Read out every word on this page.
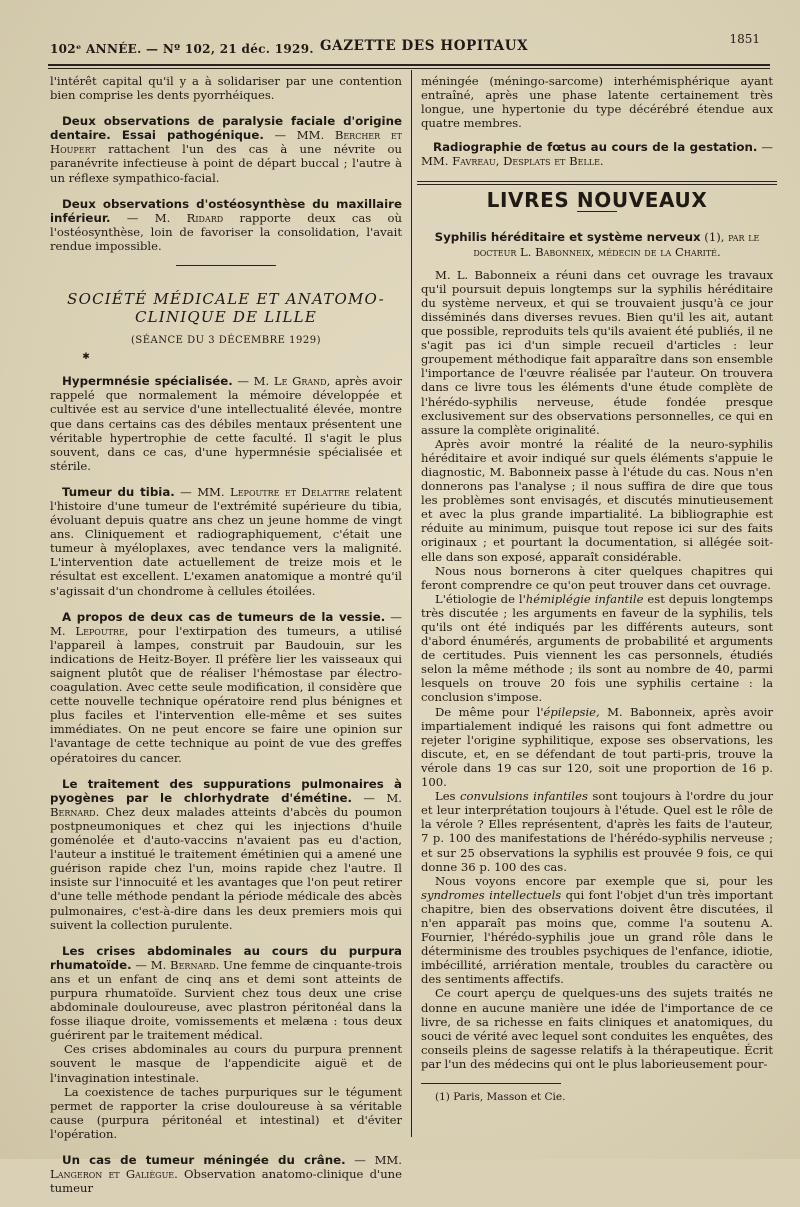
102ᵉ ANNÉE. — Nº 102, 21 déc. 1929. GAZETTE DES HOPITAUX	1851

l'intérêt capital qu'il y a à solidariser par une contention bien comprise les dents pyorrhéiques.

Deux observations de paralysie faciale d'origine dentaire. Essai pathogénique. — MM. Bercher et Houpert rattachent l'un des cas à une névrite ou paranévrite infectieuse à point de départ buccal ; l'autre à un réflexe sympathico-facial.
Deux observations d'ostéosynthèse du maxillaire inférieur. — M. Ridard rapporte deux cas où l'ostéosynthèse, loin de favoriser la consolidation, l'avait rendue impossible.
SOCIÉTÉ MÉDICALE ET ANATOMO-CLINIQUE DE LILLE
(SÉANCE DU 3 DÉCEMBRE 1929)
✱
Hypermnésie spécialisée. — M. Le Grand, après avoir rappelé que normalement la mémoire développée et cultivée est au service d'une intellectualité élevée, montre que dans certains cas des débiles mentaux présentent une véritable hypertrophie de cette faculté. Il s'agit le plus souvent, dans ce cas, d'une hypermnésie spécialisée et stérile.
Tumeur du tibia. — MM. Lepoutre et Delattre relatent l'histoire d'une tumeur de l'extrémité supérieure du tibia, évoluant depuis quatre ans chez un jeune homme de vingt ans. Cliniquement et radiographiquement, c'était une tumeur à myéloplaxes, avec tendance vers la malignité. L'intervention date actuellement de treize mois et le résultat est excellent. L'examen anatomique a montré qu'il s'agissait d'un chondrome à cellules étoilées.
A propos de deux cas de tumeurs de la vessie. — M. Lepoutre, pour l'extirpation des tumeurs, a utilisé l'appareil à lampes, construit par Baudouin, sur les indications de Heitz-Boyer. Il préfère lier les vaisseaux qui saignent plutôt que de réaliser l'hémostase par électro-coagulation. Avec cette seule modification, il considère que cette nouvelle technique opératoire rend plus bénignes et plus faciles et l'intervention elle-même et ses suites immédiates. On ne peut encore se faire une opinion sur l'avantage de cette technique au point de vue des greffes opératoires du cancer.
Le traitement des suppurations pulmonaires à pyogènes par le chlorhydrate d'émétine. — M. Bernard. Chez deux malades atteints d'abcès du poumon postpneumoniques et chez qui les injections d'huile goménolée et d'auto-vaccins n'avaient pas eu d'action, l'auteur a institué le traitement émétinien qui a amené une guérison rapide chez l'un, moins rapide chez l'autre. Il insiste sur l'innocuité et les avantages que l'on peut retirer d'une telle méthode pendant la période médicale des abcès pulmonaires, c'est-à-dire dans les deux premiers mois qui suivent la collection purulente.
Les crises abdominales au cours du purpura rhumatoïde. — M. Bernard. Une femme de cinquante-trois ans et un enfant de cinq ans et demi sont atteints de purpura rhumatoïde. Survient chez tous deux une crise abdominale douloureuse, avec plastron péritonéal dans la fosse iliaque droite, vomissements et melæna : tous deux guérirent par le traitement médical.

Ces crises abdominales au cours du purpura prennent souvent le masque de l'appendicite aiguë et de l'invagination intestinale.

La coexistence de taches purpuriques sur le tégument permet de rapporter la crise douloureuse à sa véritable cause (purpura péritonéal et intestinal) et d'éviter l'opération.

Un cas de tumeur méningée du crâne. — MM. Langeron et Galiègue. Observation anatomo-clinique d'une tumeur

méningée (méningo-sarcome) interhémisphérique ayant entraîné, après une phase latente certainement très longue, une hypertonie du type décérébré étendue aux quatre membres.

Radiographie de fœtus au cours de la gestation. — MM. Favreau, Desplats et Belle.
LIVRES NOUVEAUX
Syphilis héréditaire et système nerveux (1), par le docteur L. Babonneix, médecin de la Charité.

M. L. Babonneix a réuni dans cet ouvrage les travaux qu'il poursuit depuis longtemps sur la syphilis héréditaire du système nerveux, et qui se trouvaient jusqu'à ce jour disséminés dans diverses revues. Bien qu'il les ait, autant que possible, reproduits tels qu'ils avaient été publiés, il ne s'agit pas ici d'un simple recueil d'articles : leur groupement méthodique fait apparaître dans son ensemble l'importance de l'œuvre réalisée par l'auteur. On trouvera dans ce livre tous les éléments d'une étude complète de l'hérédo-syphilis nerveuse, étude fondée presque exclusivement sur des observations personnelles, ce qui en assure la complète originalité.

Après avoir montré la réalité de la neuro-syphilis héréditaire et avoir indiqué sur quels éléments s'appuie le diagnostic, M. Babonneix passe à l'étude du cas. Nous n'en donnerons pas l'analyse ; il nous suffira de dire que tous les problèmes sont envisagés, et discutés minutieusement et avec la plus grande impartialité. La bibliographie est réduite au minimum, puisque tout repose ici sur des faits originaux ; et pourtant la documentation, si allégée soit-elle dans son exposé, apparaît considérable.

Nous nous bornerons à citer quelques chapitres qui feront comprendre ce qu'on peut trouver dans cet ouvrage.

L'étiologie de l'hémiplégie infantile est depuis longtemps très discutée ; les arguments en faveur de la syphilis, tels qu'ils ont été indiqués par les différents auteurs, sont d'abord énumérés, arguments de probabilité et arguments de certitudes. Puis viennent les cas personnels, étudiés selon la même méthode ; ils sont au nombre de 40, parmi lesquels on trouve 20 fois une syphilis certaine : la conclusion s'impose.

De même pour l'épilepsie, M. Babonneix, après avoir impartialement indiqué les raisons qui font admettre ou rejeter l'origine syphilitique, expose ses observations, les discute, et, en se défendant de tout parti-pris, trouve la vérole dans 19 cas sur 120, soit une proportion de 16 p. 100.

Les convulsions infantiles sont toujours à l'ordre du jour et leur interprétation toujours à l'étude. Quel est le rôle de la vérole ? Elles représentent, d'après les faits de l'auteur, 7 p. 100 des manifestations de l'hérédo-syphilis nerveuse ; et sur 25 observations la syphilis est prouvée 9 fois, ce qui donne 36 p. 100 des cas.

Nous voyons encore par exemple que si, pour les syndromes intellectuels qui font l'objet d'un très important chapitre, bien des observations doivent être discutées, il n'en apparaît pas moins que, comme l'a soutenu A. Fournier, l'hérédo-syphilis joue un grand rôle dans le déterminisme des troubles psychiques de l'enfance, idiotie, imbécillité, arriération mentale, troubles du caractère ou des sentiments affectifs.

Ce court aperçu de quelques-uns des sujets traités ne donne en aucune manière une idée de l'importance de ce livre, de sa richesse en faits cliniques et anatomiques, du souci de vérité avec lequel sont conduites les enquêtes, des conseils pleins de sagesse relatifs à la thérapeutique. Écrit par l'un des médecins qui ont le plus laborieusement pour-

(1) Paris, Masson et Cie.
